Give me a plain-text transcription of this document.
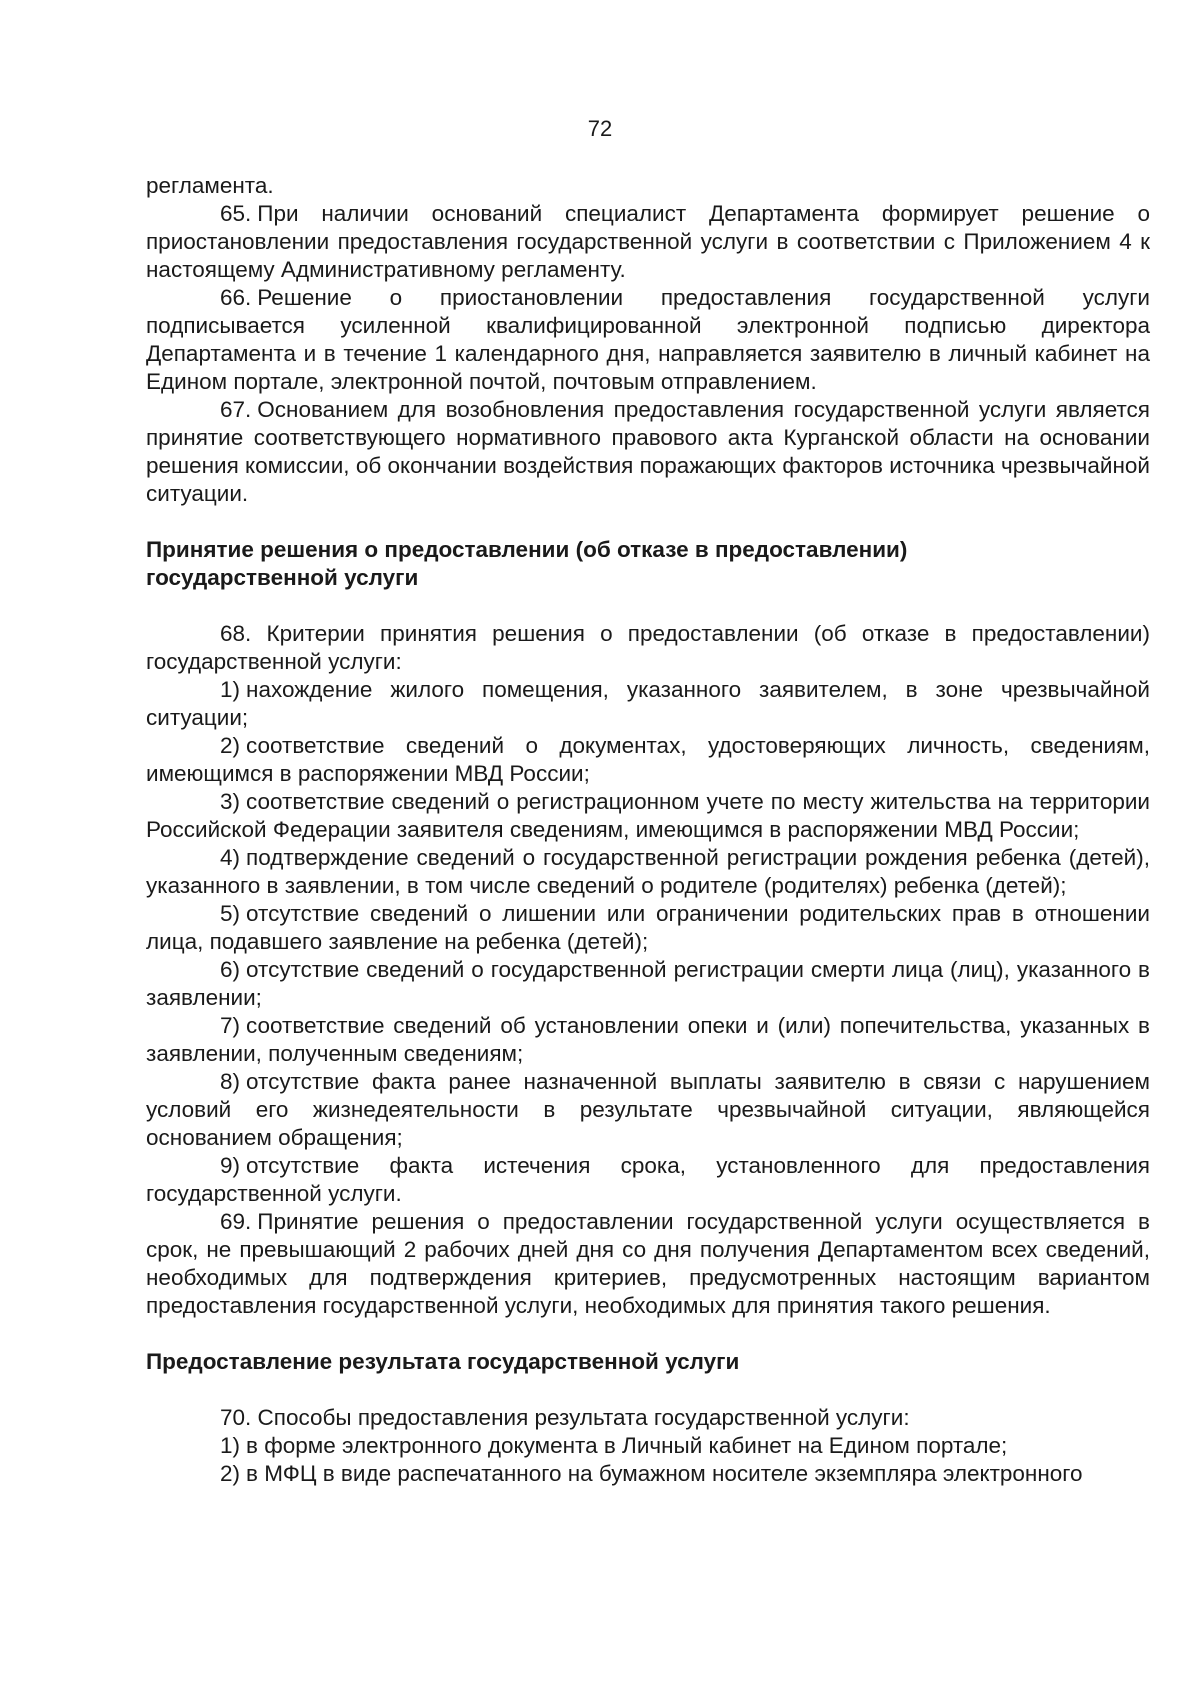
72

регламента.

65. При наличии оснований специалист Департамента формирует решение о приостановлении предоставления государственной услуги в соответствии с Приложением 4 к настоящему Административному регламенту.

66. Решение о приостановлении предоставления государственной услуги подписывается усиленной квалифицированной электронной подписью директора Департамента и в течение 1 календарного дня, направляется заявителю в личный кабинет на Едином портале, электронной почтой, почтовым отправлением.

67. Основанием для возобновления предоставления государственной услуги является принятие соответствующего нормативного правового акта Курганской области на основании решения комиссии, об окончании воздействия поражающих факторов источника чрезвычайной ситуации.

Принятие решения о предоставлении (об отказе в предоставлении)
государственной услуги

68. Критерии принятия решения о предоставлении (об отказе в предоставлении) государственной услуги:

1) нахождение жилого помещения, указанного заявителем, в зоне чрезвычайной ситуации;

2) соответствие сведений о документах, удостоверяющих личность, сведениям, имеющимся в распоряжении МВД России;

3) соответствие сведений о регистрационном учете по месту жительства на территории Российской Федерации заявителя сведениям, имеющимся в распоряжении МВД России;

4) подтверждение сведений о государственной регистрации рождения ребенка (детей), указанного в заявлении, в том числе сведений о родителе (родителях) ребенка (детей);

5) отсутствие сведений о лишении или ограничении родительских прав в отношении лица, подавшего заявление на ребенка (детей);

6) отсутствие сведений о государственной регистрации смерти лица (лиц), указанного в заявлении;

7) соответствие сведений об установлении опеки и (или) попечительства, указанных в заявлении, полученным сведениям;

8) отсутствие факта ранее назначенной выплаты заявителю в связи с нарушением условий его жизнедеятельности в результате чрезвычайной ситуации, являющейся основанием обращения;

9) отсутствие факта истечения срока, установленного для предоставления государственной услуги.

69. Принятие решения о предоставлении государственной услуги осуществляется в срок, не превышающий 2 рабочих дней дня со дня получения Департаментом всех сведений, необходимых для подтверждения критериев, предусмотренных настоящим вариантом предоставления государственной услуги, необходимых для принятия такого решения.

Предоставление результата государственной услуги

70. Способы предоставления результата государственной услуги:

1) в форме электронного документа в Личный кабинет на Едином портале;

2) в МФЦ в виде распечатанного на бумажном носителе экземпляра электронного
